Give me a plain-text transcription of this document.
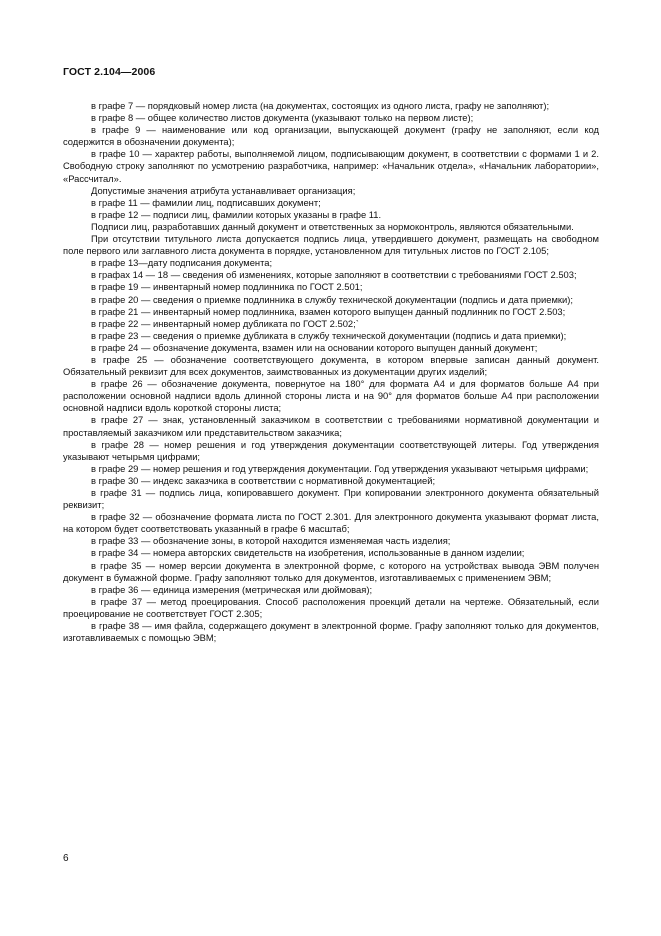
ГОСТ 2.104—2006

в графе 7 — порядковый номер листа (на документах, состоящих из одного листа, графу не заполняют);

в графе 8 — общее количество листов документа (указывают только на первом листе);

в графе 9 — наименование или код организации, выпускающей документ (графу не заполняют, если код содержится в обозначении документа);

в графе 10 — характер работы, выполняемой лицом, подписывающим документ, в соответствии с формами 1 и 2. Свободную строку заполняют по усмотрению разработчика, например: «Начальник отдела», «Начальник лаборатории», «Рассчитал».

Допустимые значения атрибута устанавливает организация;

в графе 11 — фамилии лиц, подписавших документ;

в графе 12 — подписи лиц, фамилии которых указаны в графе 11.

Подписи лиц, разработавших данный документ и ответственных за нормоконтроль, являются обязательными.

При отсутствии титульного листа допускается подпись лица, утвердившего документ, размещать на свободном поле первого или заглавного листа документа в порядке, установленном для титульных листов по ГОСТ 2.105;

в графе 13—дату подписания документа;

в графах 14 — 18 — сведения об изменениях, которые заполняют в соответствии с требованиями ГОСТ 2.503;

в графе 19 — инвентарный номер подлинника по ГОСТ 2.501;

в графе 20 — сведения о приемке подлинника в службу технической документации (подпись и дата приемки);

в графе 21 — инвентарный номер подлинника, взамен которого выпущен данный подлинник по ГОСТ 2.503;

в графе 22 — инвентарный номер дубликата по ГОСТ 2.502;`

в графе 23 — сведения о приемке дубликата в службу технической документации (подпись и дата приемки);

в графе 24 — обозначение документа, взамен или на основании которого выпущен данный документ;

в графе 25 — обозначение соответствующего документа, в котором впервые записан данный документ. Обязательный реквизит для всех документов, заимствованных из документации других изделий;

в графе 26 — обозначение документа, повернутое на 180° для формата А4 и для форматов больше А4 при расположении основной надписи вдоль длинной стороны листа и на 90° для форматов больше А4 при расположении основной надписи вдоль короткой стороны листа;

в графе 27 — знак, установленный заказчиком в соответствии с требованиями нормативной документации и проставляемый заказчиком или представительством заказчика;

в графе 28 — номер решения и год утверждения документации соответствующей литеры. Год утверждения указывают четырьмя цифрами;

в графе 29 — номер решения и год утверждения документации. Год утверждения указывают четырьмя цифрами;

в графе 30 — индекс заказчика в соответствии с нормативной документацией;

в графе 31 — подпись лица, копировавшего документ. При копировании электронного документа обязательный реквизит;

в графе 32 — обозначение формата листа по ГОСТ 2.301. Для электронного документа указывают формат листа, на котором будет соответствовать указанный в графе 6 масштаб;

в графе 33 — обозначение зоны, в которой находится изменяемая часть изделия;

в графе 34 — номера авторских свидетельств на изобретения, использованные в данном изделии;

в графе 35 — номер версии документа в электронной форме, с которого на устройствах вывода ЭВМ получен документ в бумажной форме. Графу заполняют только для документов, изготавливаемых с применением ЭВМ;

в графе 36 — единица измерения (метрическая или дюймовая);

в графе 37 — метод проецирования. Способ расположения проекций детали на чертеже. Обязательный, если проецирование не соответствует ГОСТ 2.305;

в графе 38 — имя файла, содержащего документ в электронной форме. Графу заполняют только для документов, изготавливаемых с помощью ЭВМ;

6
